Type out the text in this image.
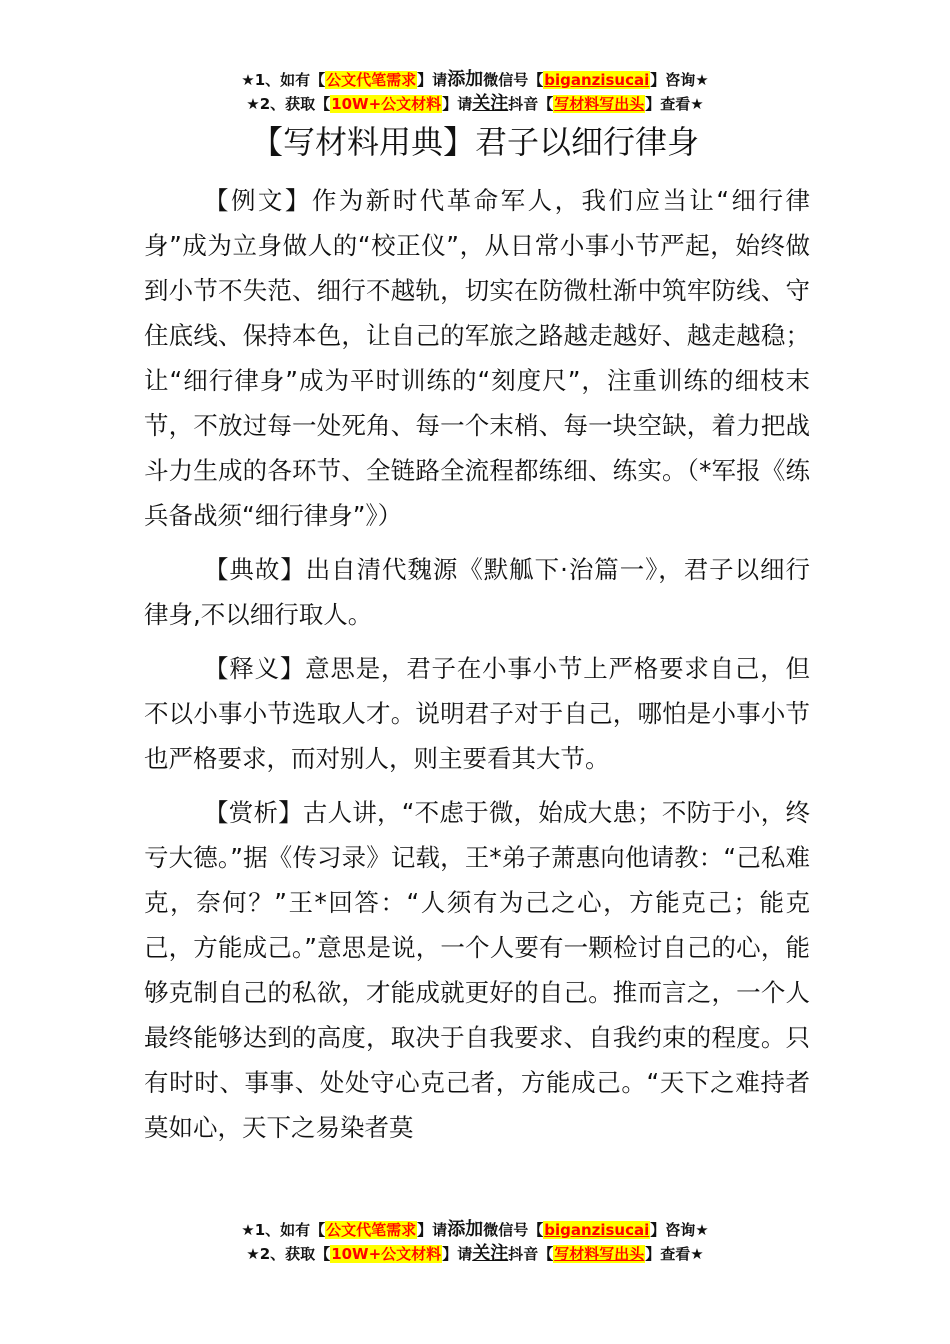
★1、如有【公文代笔需求】请添加微信号【biganzisucai】咨询★
★2、获取【10W+公文材料】请关注抖音【写材料写出头】查看★
【写材料用典】君子以细行律身

【例文】作为新时代革命军人，我们应当让“细行律身”成为立身做人的“校正仪”，从日常小事小节严起，始终做到小节不失范、细行不越轨，切实在防微杜渐中筑牢防线、守住底线、保持本色，让自己的军旅之路越走越好、越走越稳；让“细行律身”成为平时训练的“刻度尺”，注重训练的细枝末节，不放过每一处死角、每一个末梢、每一块空缺，着力把战斗力生成的各环节、全链路全流程都练细、练实。（*军报《练兵备战须“细行律身”》）

【典故】出自清代魏源《默觚下·治篇一》，君子以细行律身,不以细行取人。

【释义】意思是，君子在小事小节上严格要求自己，但不以小事小节选取人才。说明君子对于自己，哪怕是小事小节也严格要求，而对别人，则主要看其大节。

【赏析】古人讲，“不虑于微，始成大患；不防于小，终亏大德。”据《传习录》记载，王*弟子萧惠向他请教：“己私难克，奈何？”王*回答：“人须有为己之心，方能克己；能克己，方能成己。”意思是说，一个人要有一颗检讨自己的心，能够克制自己的私欲，才能成就更好的自己。推而言之，一个人最终能够达到的高度，取决于自我要求、自我约束的程度。只有时时、事事、处处守心克己者，方能成己。“天下之难持者莫如心，天下之易染者莫

★1、如有【公文代笔需求】请添加微信号【biganzisucai】咨询★
★2、获取【10W+公文材料】请关注抖音【写材料写出头】查看★
